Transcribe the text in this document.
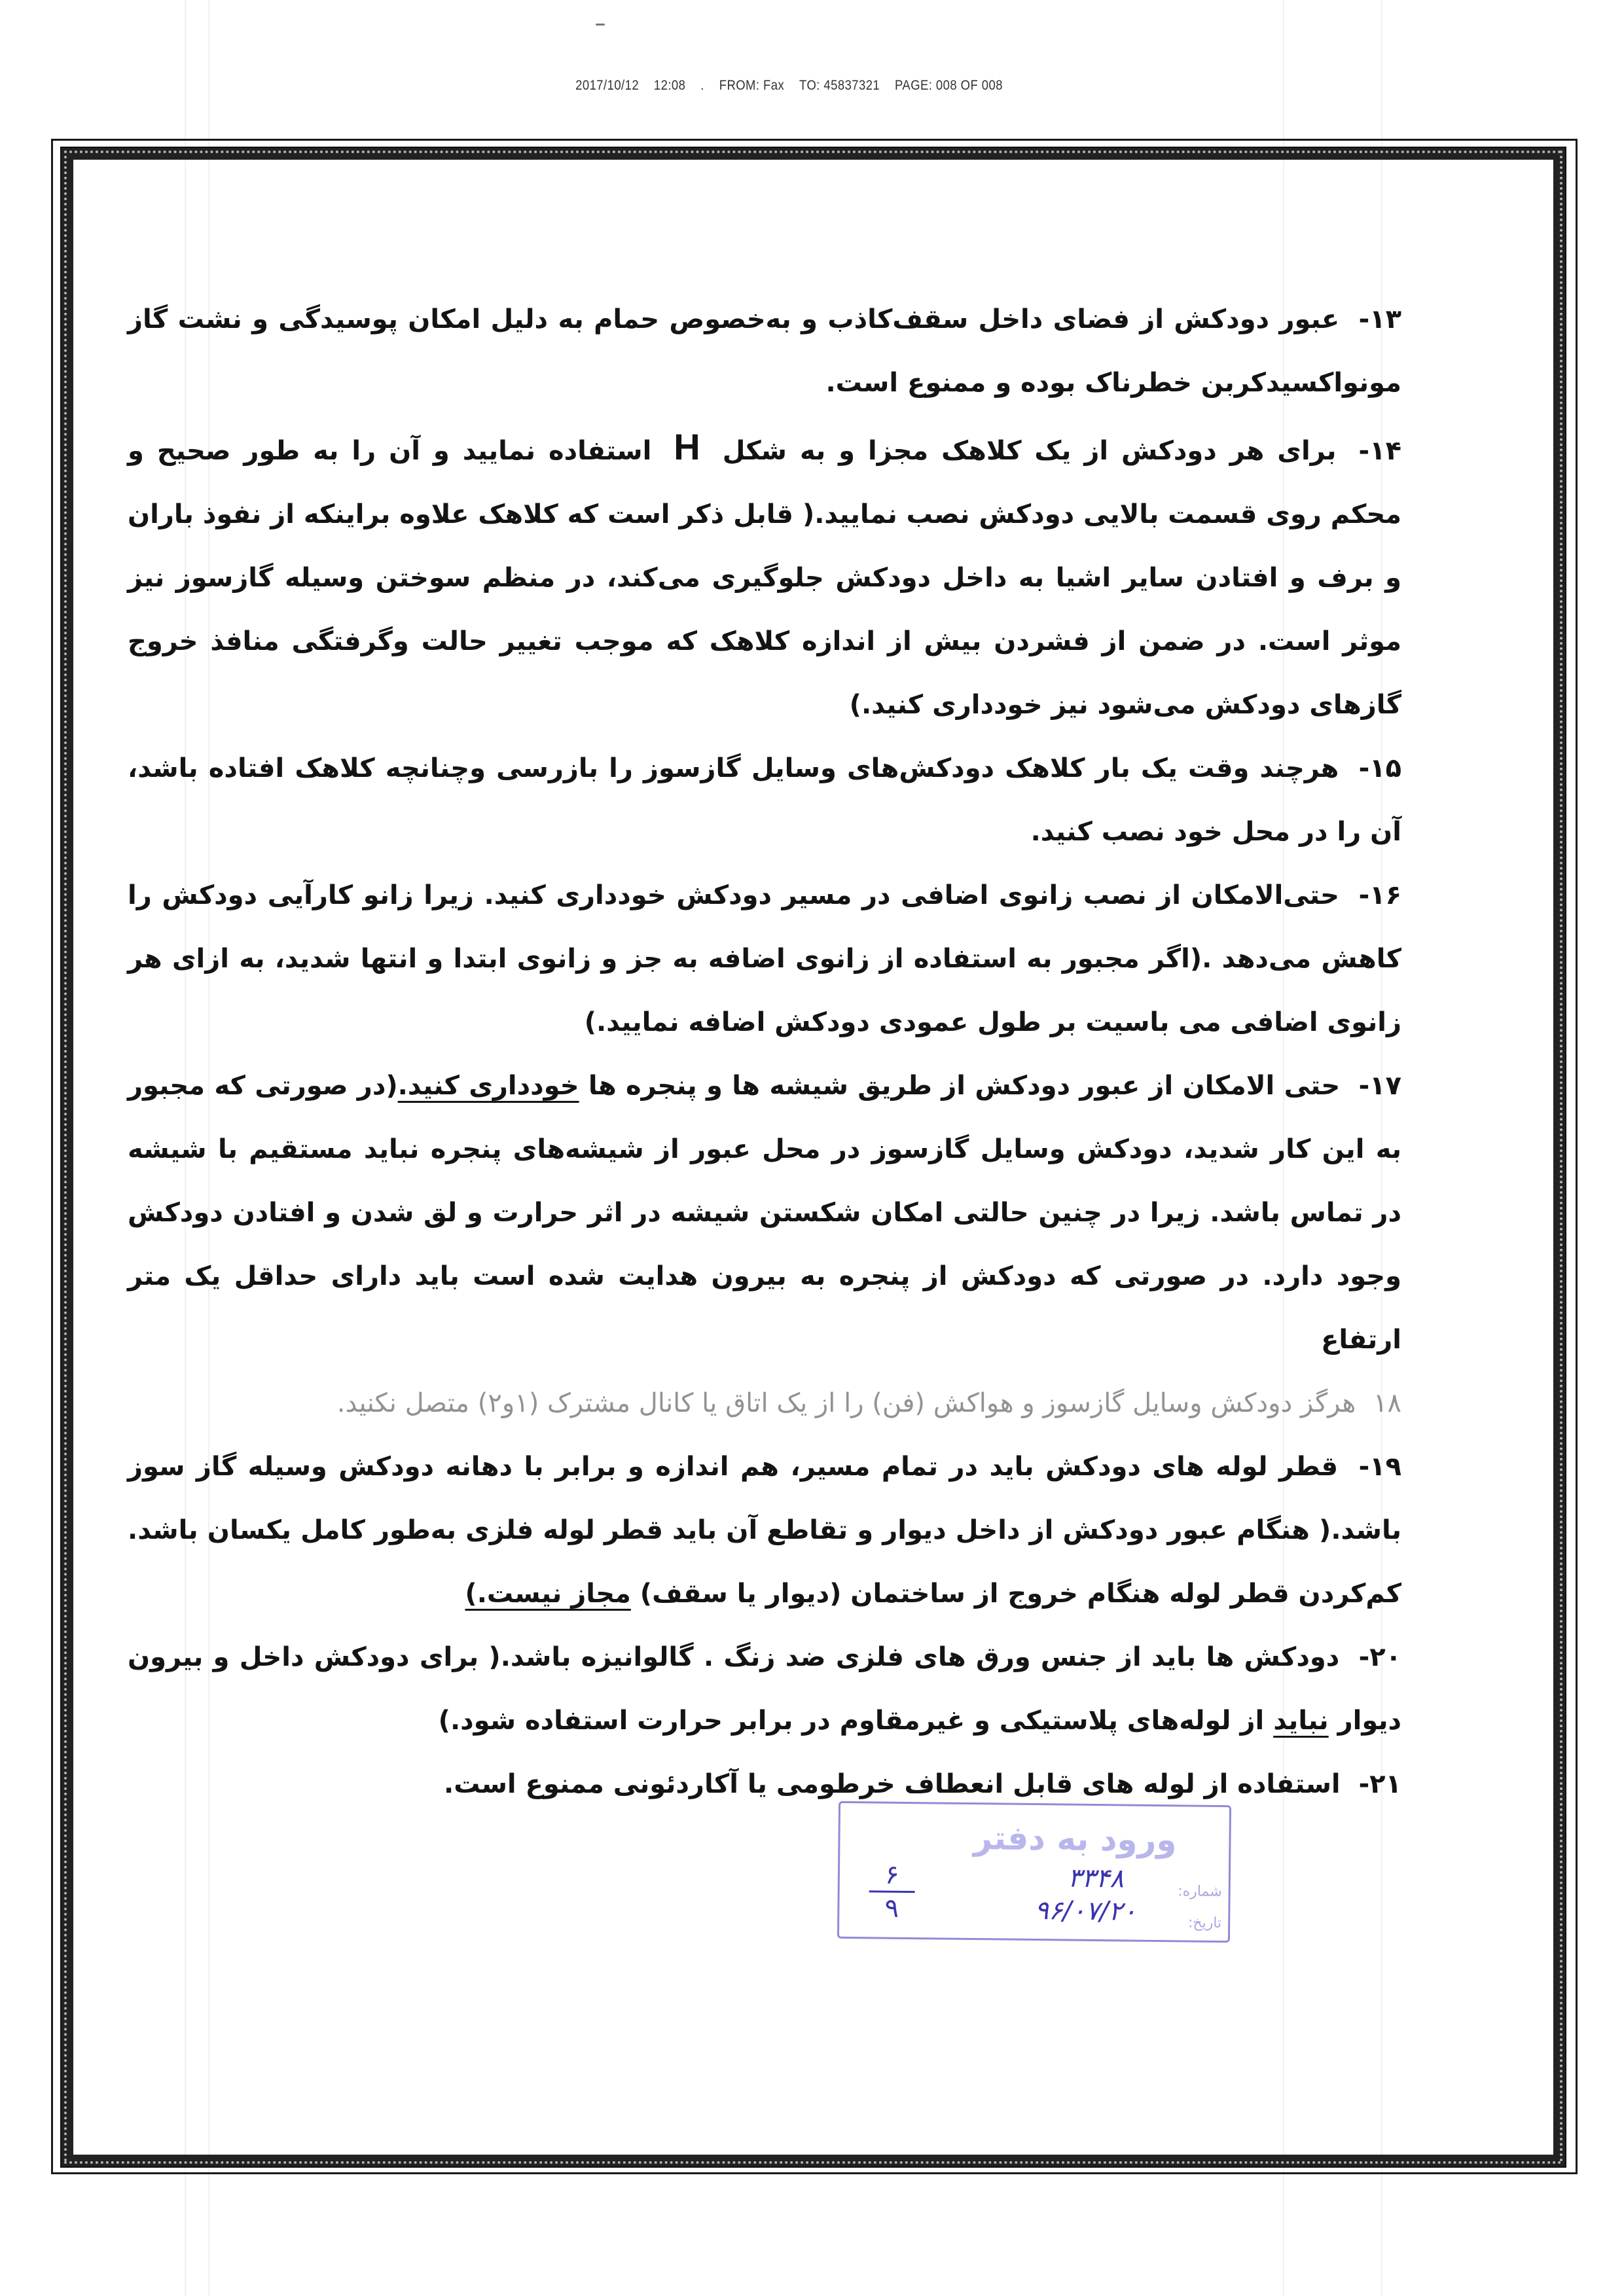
2017/10/12 12:08 . FROM: Fax TO: 45837321 PAGE: 008 OF 008

۱۳- عبور دودکش از فضای داخل سقف‌کاذب و به‌خصوص حمام به دلیل امکان پوسیدگی و نشت گاز مونواکسیدکربن خطرناک بوده و ممنوع است.

۱۴- برای هر دودکش از یک کلاهک مجزا و به شکل H استفاده نمایید و آن را به طور صحیح و محکم روی قسمت بالایی دودکش نصب نمایید.( قابل ذکر است که کلاهک علاوه براینکه از نفوذ باران و برف و افتادن سایر اشیا به داخل دودکش جلوگیری می‌کند، در منظم سوختن وسیله گازسوز نیز موثر است. در ضمن از فشردن بیش از اندازه کلاهک که موجب تغییر حالت وگرفتگی منافذ خروج گازهای دودکش می‌شود نیز خودداری کنید.)

۱۵- هرچند وقت یک بار کلاهک دودکش‌های وسایل گازسوز را بازرسی وچنانچه کلاهک افتاده باشد، آن را در محل خود نصب کنید.

۱۶- حتی‌الامکان از نصب زانوی اضافی در مسیر دودکش خودداری کنید. زیرا زانو کارآیی دودکش را کاهش می‌دهد .(اگر مجبور به استفاده از زانوی اضافه به جز و زانوی ابتدا و انتها شدید، به ازای هر زانوی اضافی می باسیت بر طول عمودی دودکش اضافه نمایید.)

۱۷- حتی الامکان از عبور دودکش از طریق شیشه ها و پنجره ها خودداری کنید.(در صورتی که مجبور به این کار شدید، دودکش وسایل گازسوز در محل عبور از شیشه‌های پنجره نباید مستقیم با شیشه در تماس باشد. زیرا در چنین حالتی امکان شکستن شیشه در اثر حرارت و لق شدن و افتادن دودکش وجود دارد. در صورتی که دودکش از پنجره به بیرون هدایت شده است باید دارای حداقل یک متر ارتفاع

۱۸ هرگز دودکش وسایل گازسوز و هواکش (فن) را از یک اتاق یا کانال مشترک (۱و۲) متصل نکنید.

۱۹- قطر لوله های دودکش باید در تمام مسیر، هم اندازه و برابر با دهانه دودکش وسیله گاز سوز باشد.( هنگام عبور دودکش از داخل دیوار و تقاطع آن باید قطر لوله فلزی به‌طور کامل یکسان باشد. کم‌کردن قطر لوله هنگام خروج از ساختمان (دیوار یا سقف) مجاز نیست.)

۲۰- دودکش ها باید از جنس ورق های فلزی ضد زنگ . گالوانیزه باشد.( برای دودکش داخل و بیرون دیوار نباید از لوله‌های پلاستیکی و غیرمقاوم در برابر حرارت استفاده شود.)

۲۱- استفاده از لوله های قابل انعطاف خرطومی یا آکاردئونی ممنوع است.

ورود به دفتر
شماره:
تاریخ:
۳۳۴۸
۹۶/۰۷/۲۰
۶
۹
